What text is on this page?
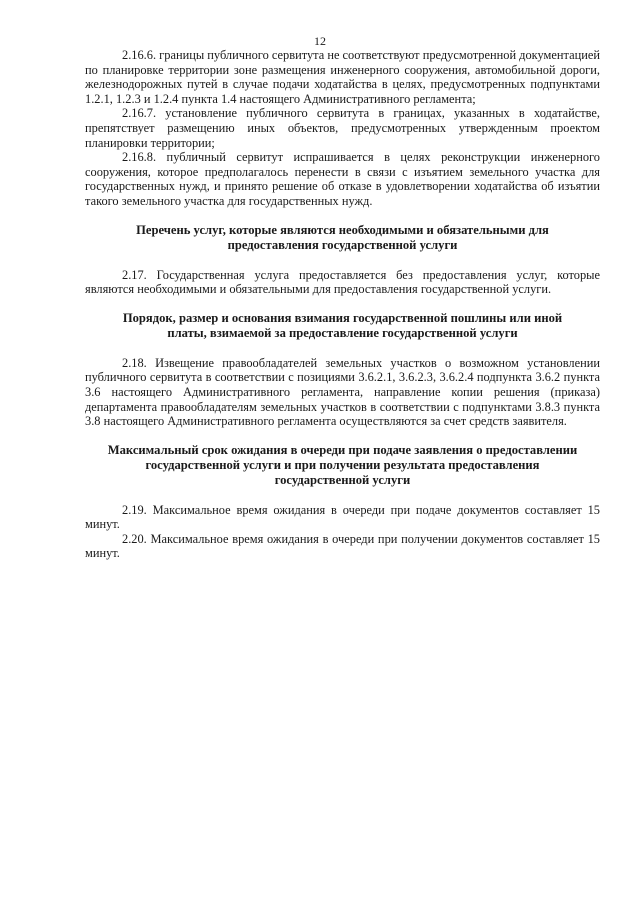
12

2.16.6. границы публичного сервитута не соответствуют предусмотренной документацией по планировке территории зоне размещения инженерного сооружения, автомобильной дороги, железнодорожных путей в случае подачи ходатайства в целях, предусмотренных подпунктами 1.2.1, 1.2.3 и 1.2.4 пункта 1.4 настоящего Административного регламента;

2.16.7. установление публичного сервитута в границах, указанных в ходатайстве, препятствует размещению иных объектов, предусмотренных утвержденным проектом планировки территории;

2.16.8. публичный сервитут испрашивается в целях реконструкции инженерного сооружения, которое предполагалось перенести в связи с изъятием земельного участка для государственных нужд, и принято решение об отказе в удовлетворении ходатайства об изъятии такого земельного участка для государственных нужд.

Перечень услуг, которые являются необходимыми и обязательными для предоставления государственной услуги

2.17. Государственная услуга предоставляется без предоставления услуг, которые являются необходимыми и обязательными для предоставления государственной услуги.

Порядок, размер и основания взимания государственной пошлины или иной платы, взимаемой за предоставление государственной услуги

2.18. Извещение правообладателей земельных участков о возможном установлении публичного сервитута в соответствии с позициями 3.6.2.1, 3.6.2.3, 3.6.2.4 подпункта 3.6.2 пункта 3.6 настоящего Административного регламента, направление копии решения (приказа) департамента правообладателям земельных участков в соответствии с подпунктами 3.8.3 пункта 3.8 настоящего Административного регламента осуществляются за счет средств заявителя.

Максимальный срок ожидания в очереди при подаче заявления о предоставлении государственной услуги и при получении результата предоставления государственной услуги

2.19. Максимальное время ожидания в очереди при подаче документов составляет 15 минут.

2.20. Максимальное время ожидания в очереди при получении документов составляет 15 минут.
